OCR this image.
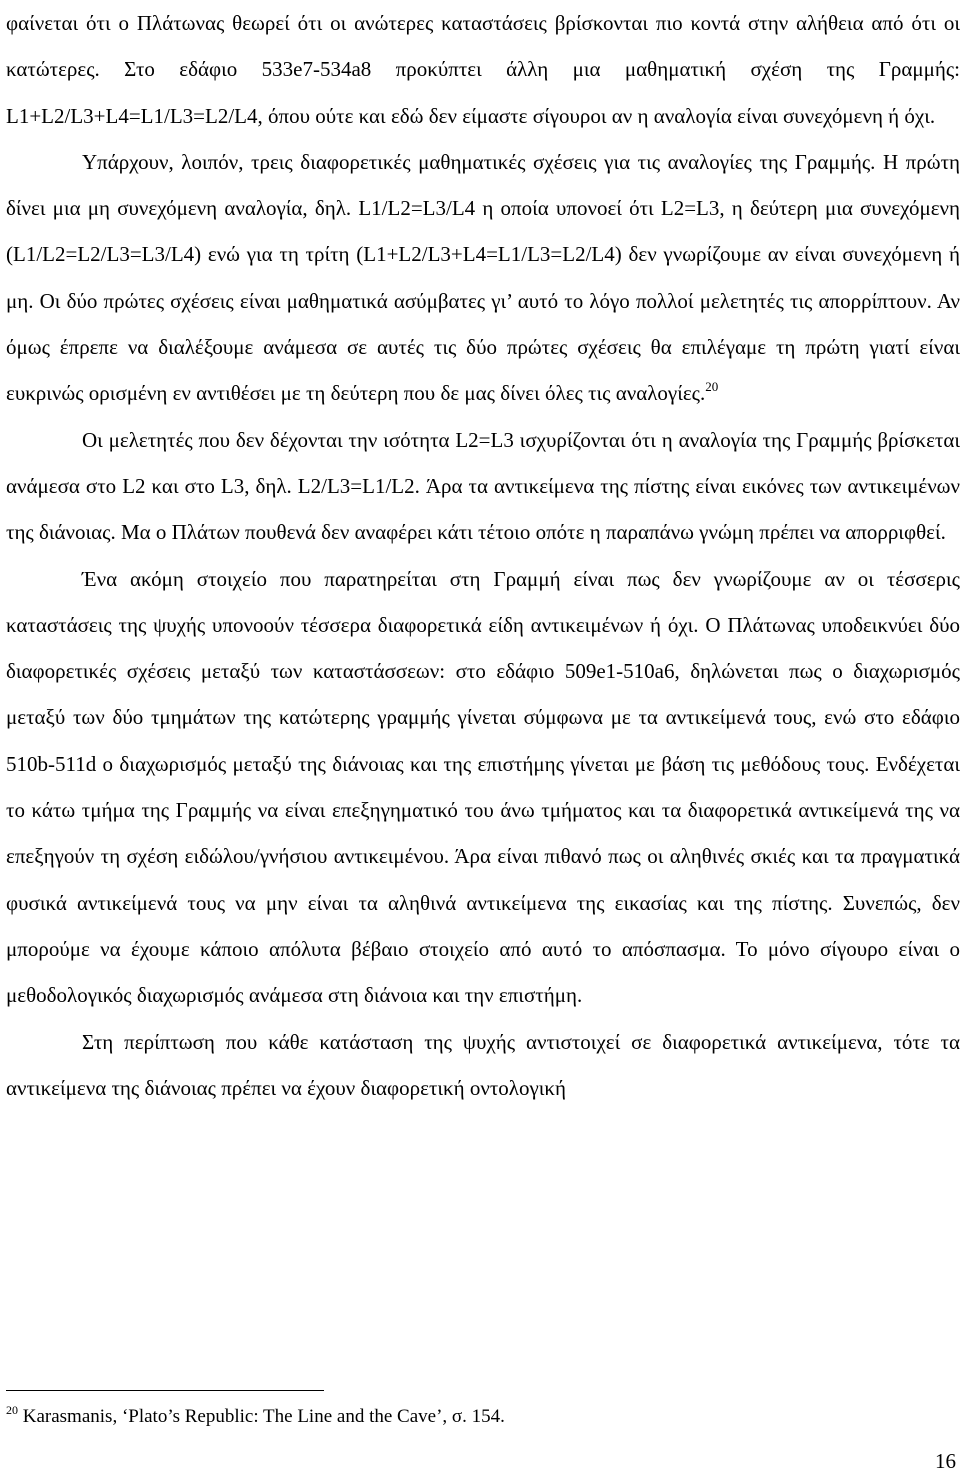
φαίνεται ότι ο Πλάτωνας θεωρεί ότι οι ανώτερες καταστάσεις βρίσκονται πιο κοντά στην αλήθεια από ότι οι κατώτερες. Στο εδάφιο 533e7-534a8 προκύπτει άλλη μια μαθηματική σχέση της Γραμμής: L1+L2/L3+L4=L1/L3=L2/L4, όπου ούτε και εδώ δεν είμαστε σίγουροι αν η αναλογία είναι συνεχόμενη ή όχι.

Υπάρχουν, λοιπόν, τρεις διαφορετικές μαθηματικές σχέσεις για τις αναλογίες της Γραμμής. Η πρώτη δίνει μια μη συνεχόμενη αναλογία, δηλ. L1/L2=L3/L4 η οποία υπονοεί ότι L2=L3, η δεύτερη μια συνεχόμενη (L1/L2=L2/L3=L3/L4) ενώ για τη τρίτη (L1+L2/L3+L4=L1/L3=L2/L4) δεν γνωρίζουμε αν είναι συνεχόμενη ή μη. Οι δύο πρώτες σχέσεις είναι μαθηματικά ασύμβατες γι’ αυτό το λόγο πολλοί μελετητές τις απορρίπτουν. Αν όμως έπρεπε να διαλέξουμε ανάμεσα σε αυτές τις δύο πρώτες σχέσεις θα επιλέγαμε τη πρώτη γιατί είναι ευκρινώς ορισμένη εν αντιθέσει με τη δεύτερη που δε μας δίνει όλες τις αναλογίες.$^{20}$

Οι μελετητές που δεν δέχονται την ισότητα L2=L3 ισχυρίζονται ότι η αναλογία της Γραμμής βρίσκεται ανάμεσα στο L2 και στο L3, δηλ. L2/L3=L1/L2. Άρα τα αντικείμενα της πίστης είναι εικόνες των αντικειμένων της διάνοιας. Μα ο Πλάτων πουθενά δεν αναφέρει κάτι τέτοιο οπότε η παραπάνω γνώμη πρέπει να απορριφθεί.

Ένα ακόμη στοιχείο που παρατηρείται στη Γραμμή είναι πως δεν γνωρίζουμε αν οι τέσσερις καταστάσεις της ψυχής υπονοούν τέσσερα διαφορετικά είδη αντικειμένων ή όχι. Ο Πλάτωνας υποδεικνύει δύο διαφορετικές σχέσεις μεταξύ των καταστάσσεων: στο εδάφιο 509e1-510a6, δηλώνεται πως ο διαχωρισμός μεταξύ των δύο τμημάτων της κατώτερης γραμμής γίνεται σύμφωνα με τα αντικείμενά τους, ενώ στο εδάφιο 510b-511d ο διαχωρισμός μεταξύ της διάνοιας και της επιστήμης γίνεται με βάση τις μεθόδους τους. Ενδέχεται το κάτω τμήμα της Γραμμής να είναι επεξηγηματικό του άνω τμήματος και τα διαφορετικά αντικείμενά της να επεξηγούν τη σχέση ειδώλου/γνήσιου αντικειμένου. Άρα είναι πιθανό πως οι αληθινές σκιές και τα πραγματικά φυσικά αντικείμενά τους να μην είναι τα αληθινά αντικείμενα της εικασίας και της πίστης. Συνεπώς, δεν μπορούμε να έχουμε κάποιο απόλυτα βέβαιο στοιχείο από αυτό το απόσπασμα. Το μόνο σίγουρο είναι ο μεθοδολογικός διαχωρισμός ανάμεσα στη διάνοια και την επιστήμη.

Στη περίπτωση που κάθε κατάσταση της ψυχής αντιστοιχεί σε διαφορετικά αντικείμενα, τότε τα αντικείμενα της διάνοιας πρέπει να έχουν διαφορετική οντολογική

$^{20}$ Karasmanis, ‘Plato’s Republic: The Line and the Cave’, σ. 154.
16
